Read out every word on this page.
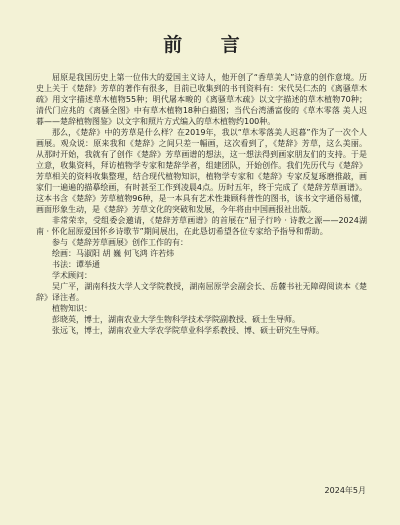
前 言

屈原是我国历史上第一位伟大的爱国主义诗人，他开创了“香草美人”诗意的创作意境。历史上关于《楚辞》芳草的著作有很多，目前已收集到的书刊资料有：宋代吴仁杰的《离骚草木疏》用文字描述草木植物55种；明代屠本畯的《离骚草木疏》以文字描述的草木植物70种；清代门应兆的《离骚全图》中有草木植物18种白描图；当代台湾潘富俊的《草木零落 美人迟暮——楚辞植物图鉴》以文字和照片方式编入的草木植物约100种。

那么，《楚辞》中的芳草是什么样？在2019年，我以“草木零落美人迟暮”作为了一次个人画展。观众说：原来我和《楚辞》之间只差一幅画，这次看到了，《楚辞》芳草，这么美丽。从那时开始，我就有了创作《楚辞》芳草画谱的想法，这一想法得到画家朋友们的支持。于是立意，收集资料，拜访植物学专家和楚辞学者，组建团队，开始创作。我们先历代与《楚辞》芳草相关的资料收集整理，结合现代植物知识，植物学专家和《楚辞》专家反复琢磨推敲，画家们一遍遍的描摹绘画，有时甚至工作到凌晨4点。历时五年，终于完成了《楚辞芳草画谱》。这本书含《楚辞》芳草植物96种，是一本具有艺术性兼顾科普性的图书，该书文字通俗易懂，画面形象生动，是《楚辞》芳草文化的突破和发展，今年将由中国画报社出版。

非常荣幸，受组委会邀请，《楚辞芳草画谱》的首展在“屈子行吟 · 诗教之源——2024湖南 · 怀化屈原爱国怀乡诗歌节”期间展出，在此恳切希望各位专家给予指导和帮助。

参与《楚辞芳草画展》创作工作的有：

绘画：马淑阳 胡 巍 何飞鸿 许若炜

书法：谭举通

学术顾问：

吴广平，湖南科技大学人文学院教授，湖南屈原学会副会长、岳麓书社无障碍阅读本《楚辞》译注者。

植物知识：

彭晓英，博士，湖南农业大学生物科学技术学院副教授、硕士生导师。

张远飞，博士，湖南农业大学农学院草业科学系教授、博、硕士研究生导师。

2024年5月
